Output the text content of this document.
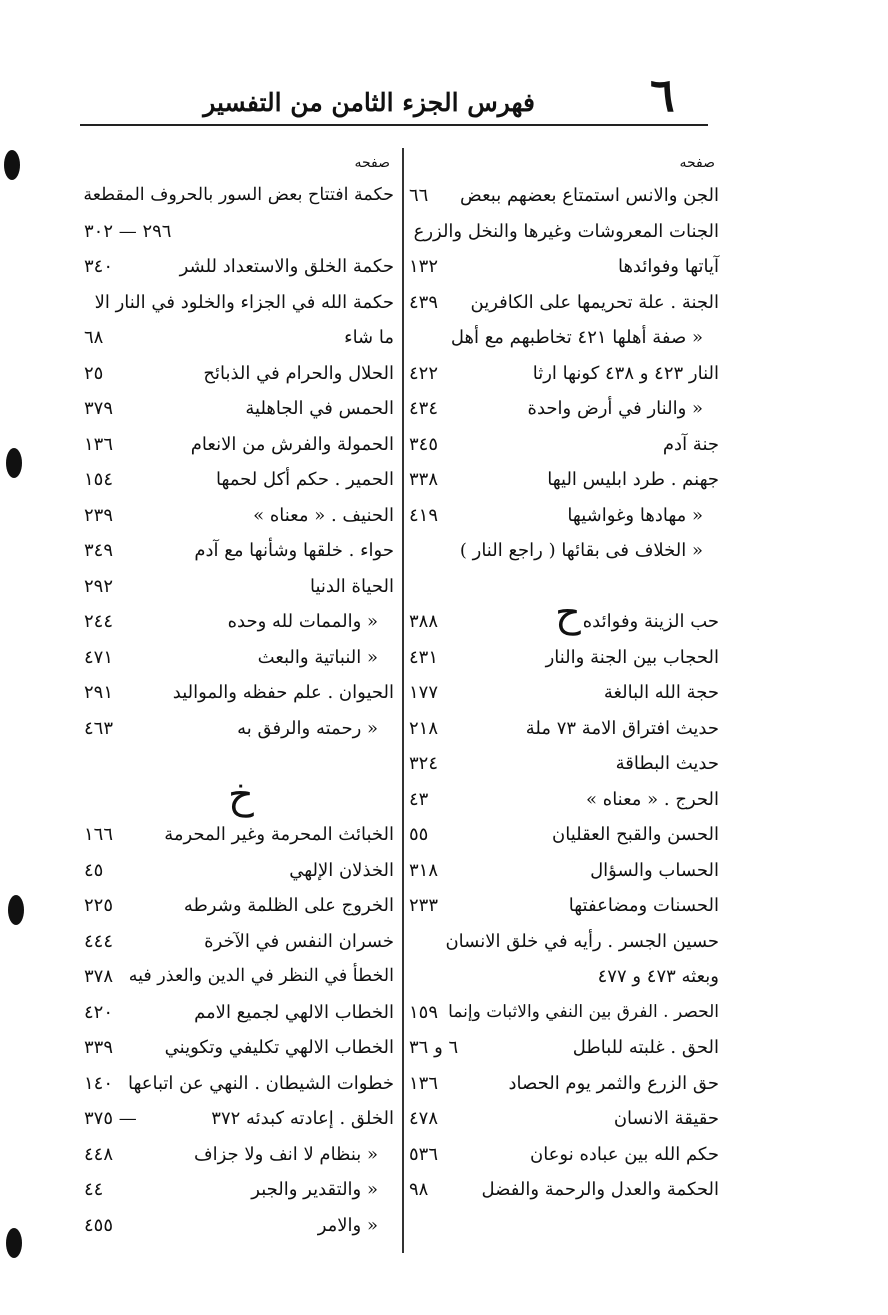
٦
فهرس الجزء الثامن من التفسير
ح
خ
صفحه
الجن والانس استمتاع بعضهم ببعض
٦٦
الجنات المعروشات وغيرها والنخل والزرع
آياتها وفوائدها
١٣٢
الجنة . علة تحريمها على الكافرين
٤٣٩
« صفة أهلها ٤٢١ تخاطبهم مع أهل
النار ٤٢٣ و ٤٣٨ كونها ارثا
٤٢٢
« والنار في أرض واحدة
٤٣٤
جنة آدم
٣٤٥
جهنم . طرد ابليس اليها
٣٣٨
« مهادها وغواشيها
٤١٩
« الخلاف فى بقائها ( راجع النار )
حب الزينة وفوائده
٣٨٨
الحجاب بين الجنة والنار
٤٣١
حجة الله البالغة
١٧٧
حديث افتراق الامة ٧٣ ملة
٢١٨
حديث البطاقة
٣٢٤
الحرج . « معناه »
٤٣
الحسن والقبح العقليان
٥٥
الحساب والسؤال
٣١٨
الحسنات ومضاعفتها
٢٣٣
حسين الجسر . رأيه في خلق الانسان
وبعثه ٤٧٣ و ٤٧٧
الحصر . الفرق بين النفي والاثبات وإنما
١٥٩
الحق . غلبته للباطل
٦ و ٣٦
حق الزرع والثمر يوم الحصاد
١٣٦
حقيقة الانسان
٤٧٨
حكم الله بين عباده نوعان
٥٣٦
الحكمة والعدل والرحمة والفضل
٩٨
صفحه
حكمة افتتاح بعض السور بالحروف المقطعة
٢٩٦ — ٣٠٢
حكمة الخلق والاستعداد للشر
٣٤٠
حكمة الله في الجزاء والخلود في النار الا
ما شاء
٦٨
الحلال والحرام في الذبائح
٢٥
الحمس في الجاهلية
٣٧٩
الحمولة والفرش من الانعام
١٣٦
الحمير . حكم أكل لحمها
١٥٤
الحنيف . « معناه »
٢٣٩
حواء . خلقها وشأنها مع آدم
٣٤٩
الحياة الدنيا
٢٩٢
« والممات لله وحده
٢٤٤
« النباتية والبعث
٤٧١
الحيوان . علم حفظه والمواليد
٢٩١
« رحمته والرفق به
٤٦٣
الخبائث المحرمة وغير المحرمة
١٦٦
الخذلان الإلهي
٤٥
الخروج على الظلمة وشرطه
٢٢٥
خسران النفس في الآخرة
٤٤٤
الخطأ في النظر في الدين والعذر فيه
٣٧٨
الخطاب الالهي لجميع الامم
٤٢٠
الخطاب الالهي تكليفي وتكويني
٣٣٩
خطوات الشيطان . النهي عن اتباعها
١٤٠
الخلق . إعادته كبدئه ٣٧٢
— ٣٧٥
« بنظام لا انف ولا جزاف
٤٤٨
« والتقدير والجبر
٤٤
« والامر
٤٥٥
